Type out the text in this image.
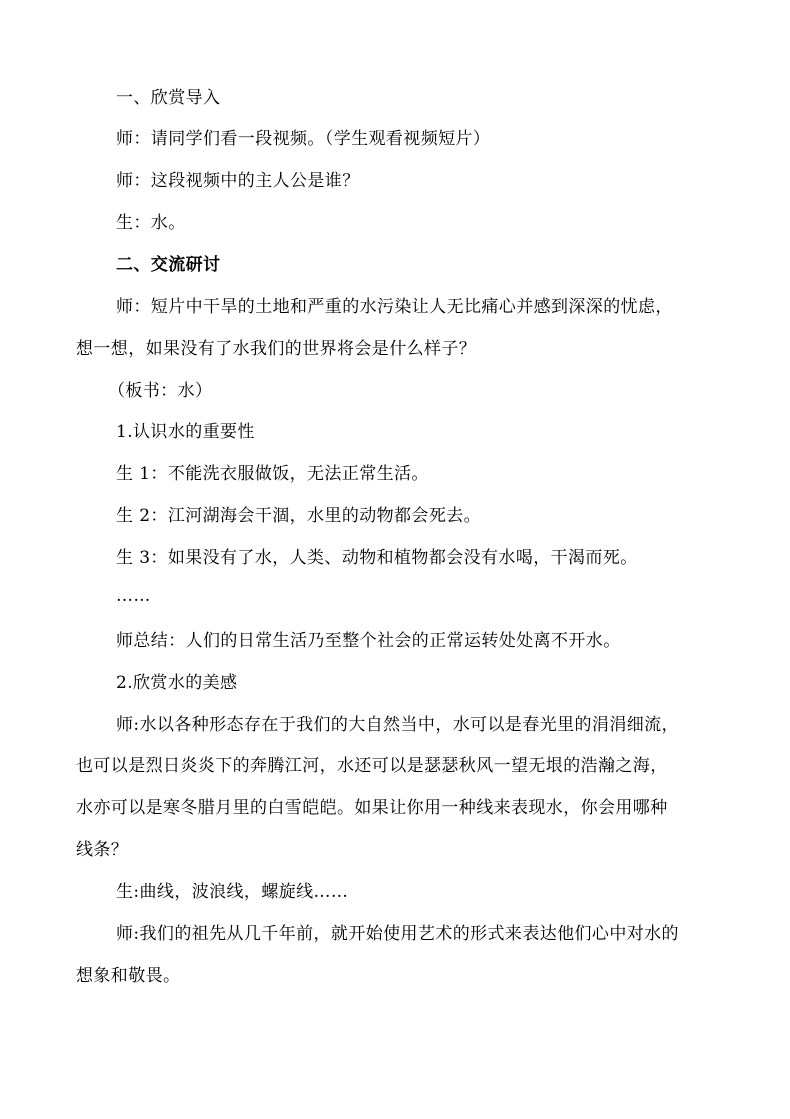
一、欣赏导入
师：请同学们看一段视频。（学生观看视频短片）
师：这段视频中的主人公是谁？
生：水。
二、交流研讨
师：短片中干旱的土地和严重的水污染让人无比痛心并感到深深的忧虑，
想一想，如果没有了水我们的世界将会是什么样子？
（板书：水）
1.认识水的重要性
生 1：不能洗衣服做饭，无法正常生活。
生 2：江河湖海会干涸，水里的动物都会死去。
生 3：如果没有了水，人类、动物和植物都会没有水喝，干渴而死。
……
师总结：人们的日常生活乃至整个社会的正常运转处处离不开水。
2.欣赏水的美感
师:水以各种形态存在于我们的大自然当中，水可以是春光里的涓涓细流，
也可以是烈日炎炎下的奔腾江河，水还可以是瑟瑟秋风一望无垠的浩瀚之海，
水亦可以是寒冬腊月里的白雪皑皑。如果让你用一种线来表现水，你会用哪种
线条？
生:曲线，波浪线，螺旋线……
师:我们的祖先从几千年前，就开始使用艺术的形式来表达他们心中对水的
想象和敬畏。
